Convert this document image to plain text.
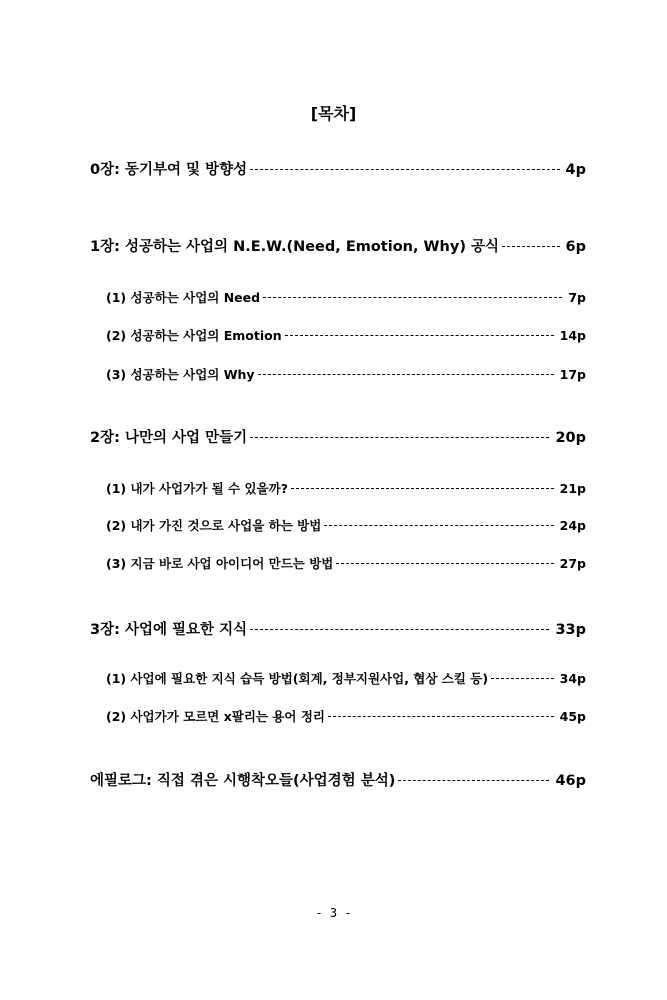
[목차]
0장: 동기부여 및 방향성	4p
1장: 성공하는 사업의 N.E.W.(Need, Emotion, Why) 공식	6p
(1) 성공하는 사업의 Need	7p
(2) 성공하는 사업의 Emotion	14p
(3) 성공하는 사업의 Why	17p
2장: 나만의 사업 만들기	20p
(1) 내가 사업가가 될 수 있을까?	21p
(2) 내가 가진 것으로 사업을 하는 방법	24p
(3) 지금 바로 사업 아이디어 만드는 방법	27p
3장: 사업에 필요한 지식	33p
(1) 사업에 필요한 지식 습득 방법(회계, 정부지원사업, 협상 스킬 등)	34p
(2) 사업가가 모르면 x팔리는 용어 정리	45p
에필로그: 직접 겪은 시행착오들(사업경험 분석)	46p
- 3 -
